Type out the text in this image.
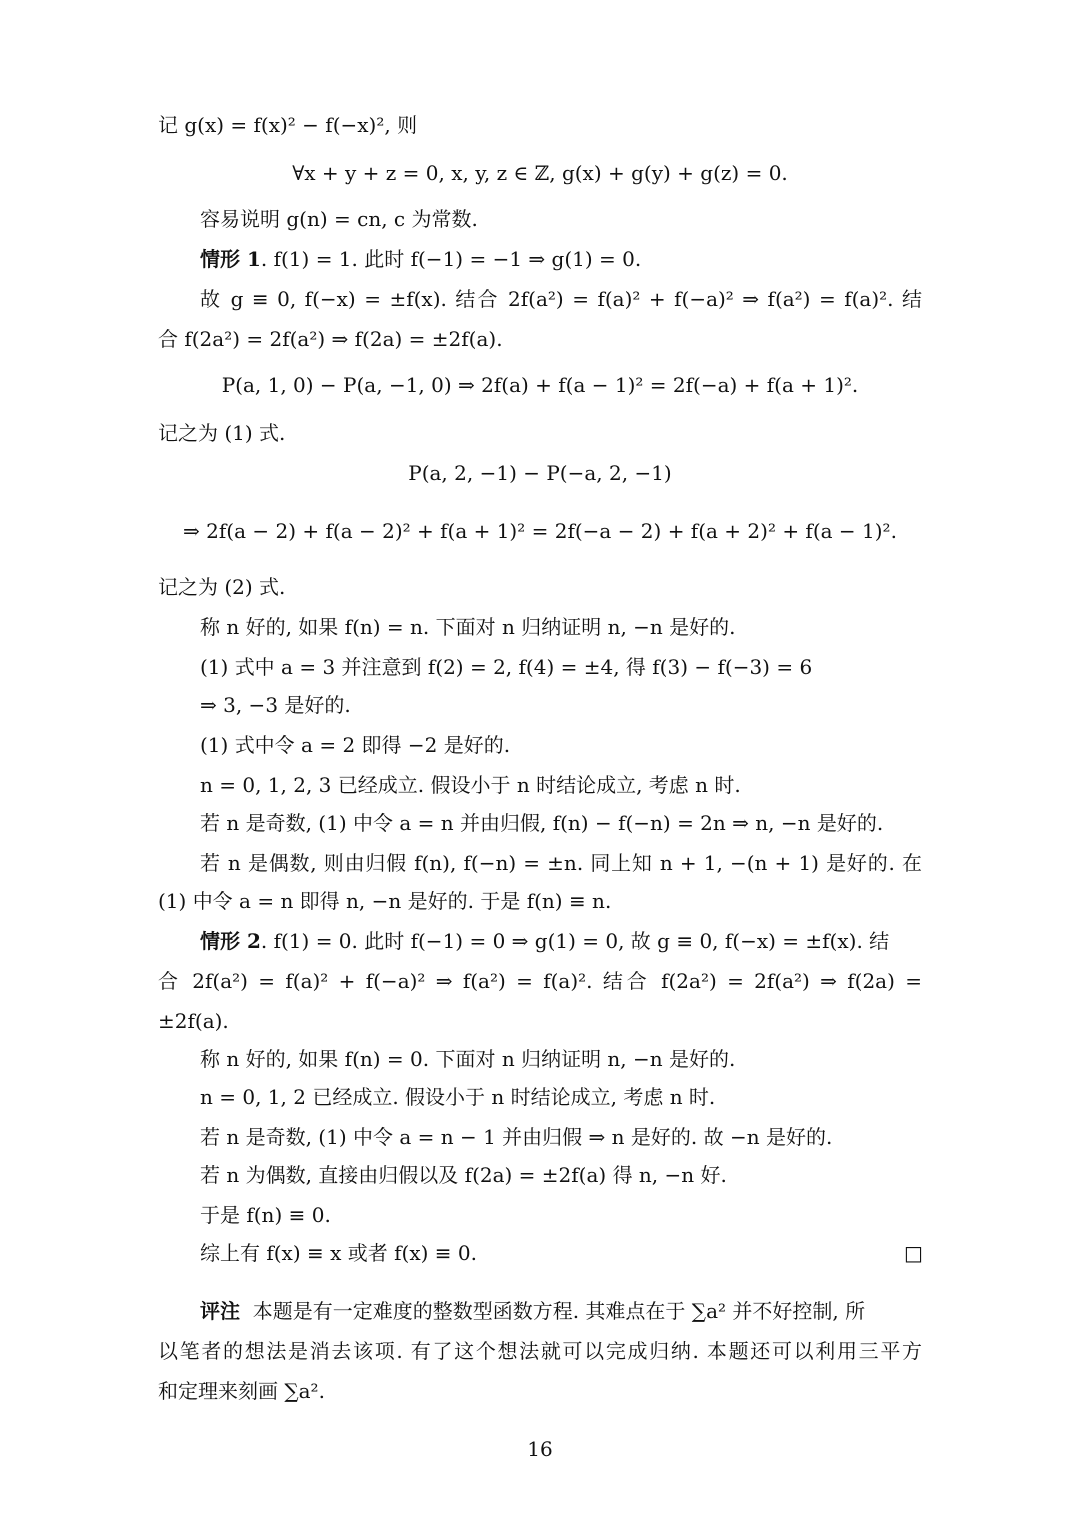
记 g(x) = f(x)² − f(−x)², 则
∀x + y + z = 0, x, y, z ∈ ℤ, g(x) + g(y) + g(z) = 0.
容易说明 g(n) = cn, c 为常数.
情形 1. f(1) = 1. 此时 f(−1) = −1 ⇒ g(1) = 0.
故 g ≡ 0, f(−x) = ±f(x). 结合 2f(a²) = f(a)² + f(−a)² ⇒ f(a²) = f(a)². 结
合 f(2a²) = 2f(a²) ⇒ f(2a) = ±2f(a).
P(a, 1, 0) − P(a, −1, 0) ⇒ 2f(a) + f(a − 1)² = 2f(−a) + f(a + 1)².
记之为 (1) 式.
P(a, 2, −1) − P(−a, 2, −1)
⇒ 2f(a − 2) + f(a − 2)² + f(a + 1)² = 2f(−a − 2) + f(a + 2)² + f(a − 1)².
记之为 (2) 式.
称 n 好的, 如果 f(n) = n. 下面对 n 归纳证明 n, −n 是好的.
(1) 式中 a = 3 并注意到 f(2) = 2, f(4) = ±4, 得 f(3) − f(−3) = 6
⇒ 3, −3 是好的.
(1) 式中令 a = 2 即得 −2 是好的.
n = 0, 1, 2, 3 已经成立. 假设小于 n 时结论成立, 考虑 n 时.
若 n 是奇数, (1) 中令 a = n 并由归假, f(n) − f(−n) = 2n ⇒ n, −n 是好的.
若 n 是偶数, 则由归假 f(n), f(−n) = ±n. 同上知 n + 1, −(n + 1) 是好的. 在
(1) 中令 a = n 即得 n, −n 是好的. 于是 f(n) ≡ n.
情形 2. f(1) = 0. 此时 f(−1) = 0 ⇒ g(1) = 0, 故 g ≡ 0, f(−x) = ±f(x). 结
合 2f(a²) = f(a)² + f(−a)² ⇒ f(a²) = f(a)². 结合 f(2a²) = 2f(a²) ⇒ f(2a) =
±2f(a).
称 n 好的, 如果 f(n) = 0. 下面对 n 归纳证明 n, −n 是好的.
n = 0, 1, 2 已经成立. 假设小于 n 时结论成立, 考虑 n 时.
若 n 是奇数, (1) 中令 a = n − 1 并由归假 ⇒ n 是好的. 故 −n 是好的.
若 n 为偶数, 直接由归假以及 f(2a) = ±2f(a) 得 n, −n 好.
于是 f(n) ≡ 0.
综上有 f(x) ≡ x 或者 f(x) ≡ 0.	□
评注 本题是有一定难度的整数型函数方程. 其难点在于 ∑a² 并不好控制, 所
以笔者的想法是消去该项. 有了这个想法就可以完成归纳. 本题还可以利用三平方
和定理来刻画 ∑a².
16
